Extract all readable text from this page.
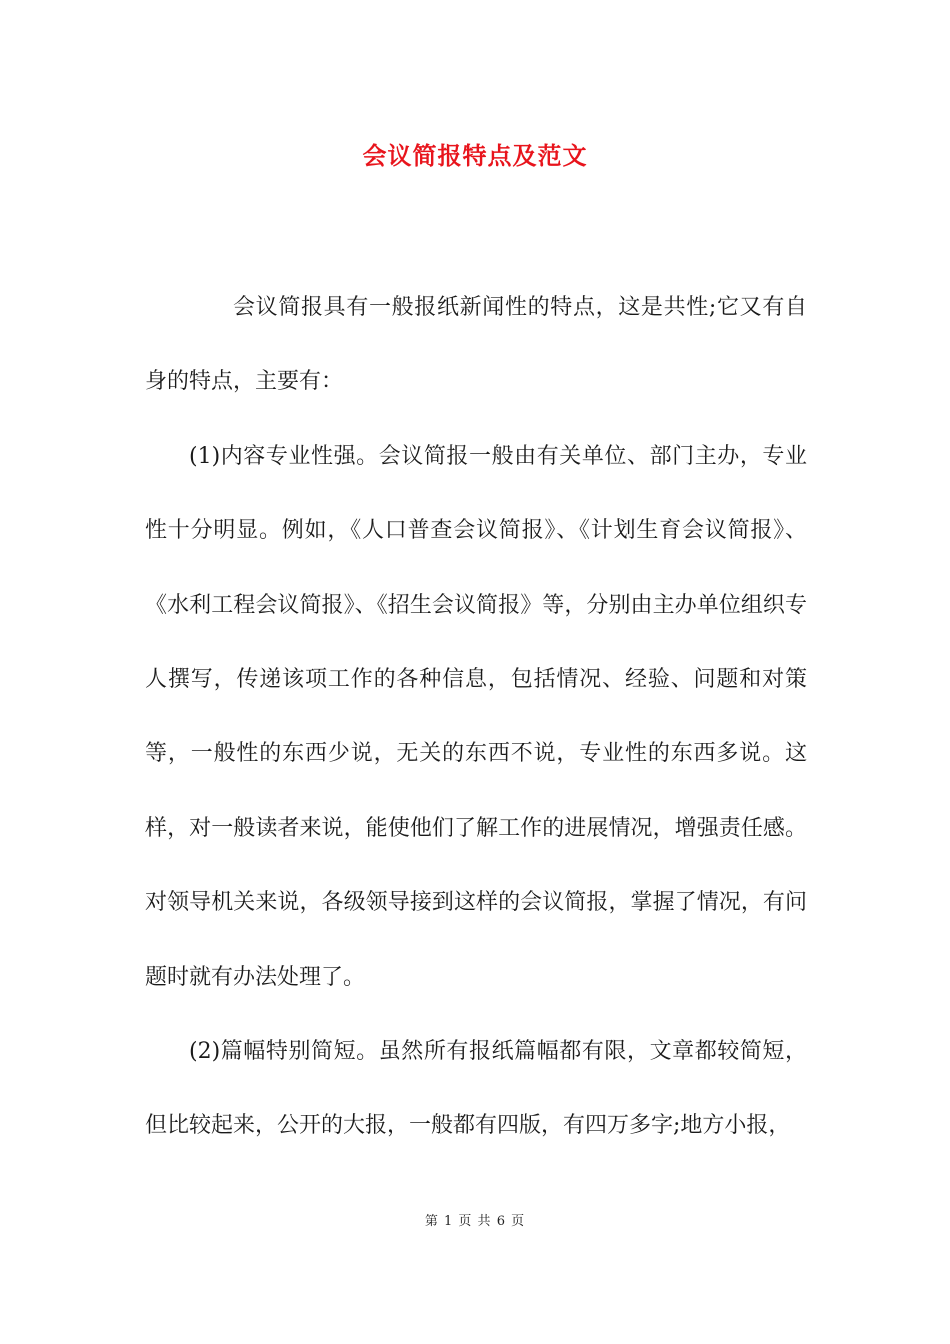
会议简报特点及范文

会议简报具有一般报纸新闻性的特点，这是共性;它又有自身的特点，主要有：

(1)内容专业性强。会议简报一般由有关单位、部门主办，专业性十分明显。例如，《人口普查会议简报》、《计划生育会议简报》、《水利工程会议简报》、《招生会议简报》等，分别由主办单位组织专人撰写，传递该项工作的各种信息，包括情况、经验、问题和对策等，一般性的东西少说，无关的东西不说，专业性的东西多说。这样，对一般读者来说，能使他们了解工作的进展情况，增强责任感。对领导机关来说，各级领导接到这样的会议简报，掌握了情况，有问题时就有办法处理了。

(2)篇幅特别简短。虽然所有报纸篇幅都有限，文章都较简短，但比较起来，公开的大报，一般都有四版，有四万多字;地方小报，

第 1 页 共 6 页
